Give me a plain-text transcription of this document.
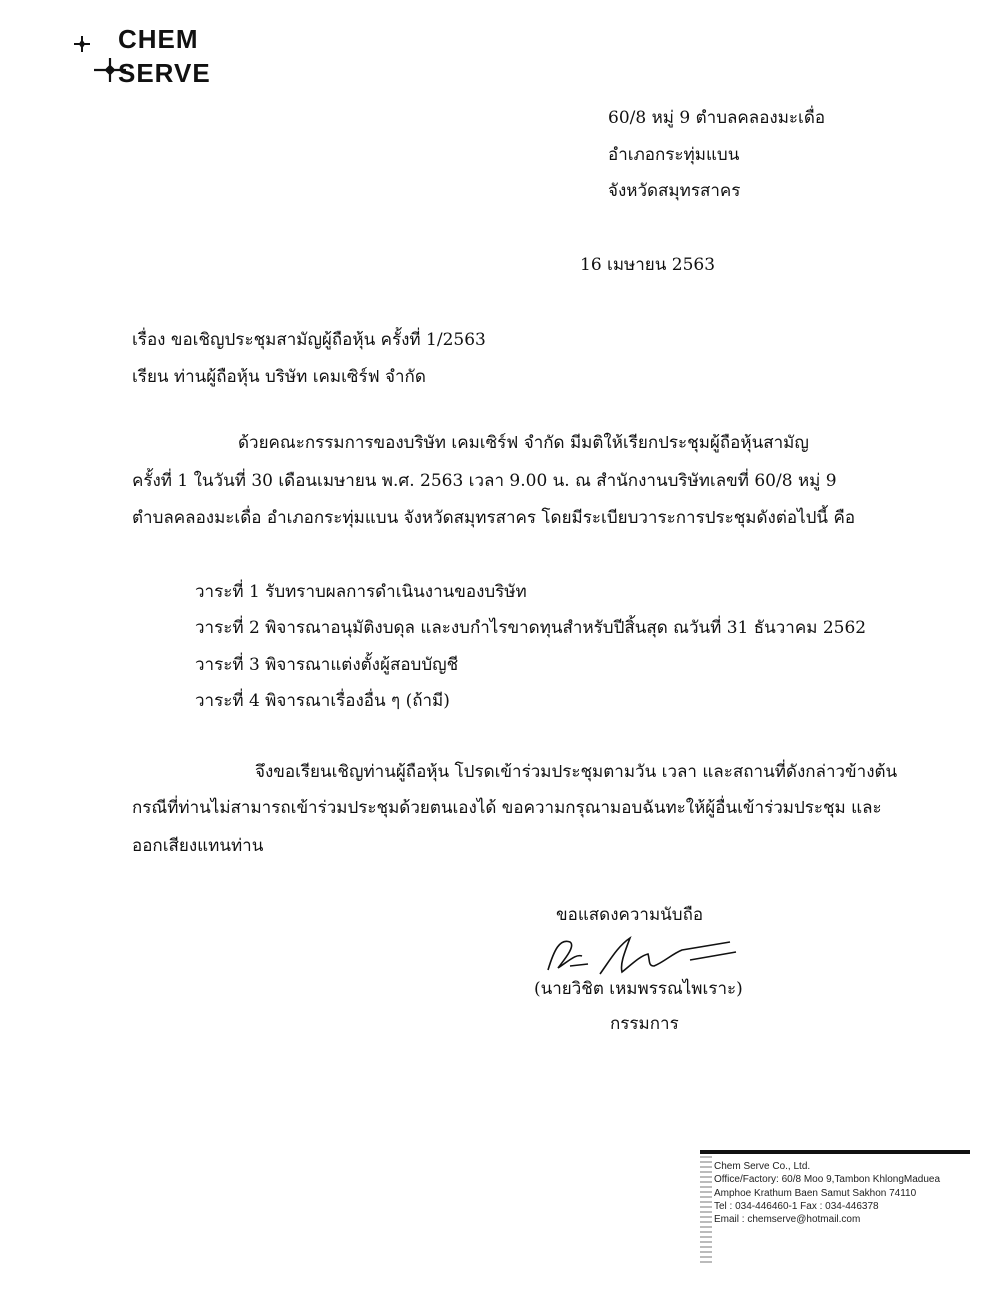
CHEM
SERVE
60/8 หมู่ 9 ตำบลคลองมะเดื่อ
อำเภอกระทุ่มแบน
จังหวัดสมุทรสาคร
16 เมษายน 2563
เรื่อง ขอเชิญประชุมสามัญผู้ถือหุ้น ครั้งที่ 1/2563
เรียน ท่านผู้ถือหุ้น บริษัท เคมเซิร์ฟ จำกัด
ด้วยคณะกรรมการของบริษัท เคมเซิร์ฟ จำกัด มีมติให้เรียกประชุมผู้ถือหุ้นสามัญ
ครั้งที่ 1 ในวันที่ 30 เดือนเมษายน พ.ศ. 2563 เวลา 9.00 น. ณ สำนักงานบริษัทเลขที่ 60/8 หมู่ 9
ตำบลคลองมะเดื่อ อำเภอกระทุ่มแบน จังหวัดสมุทรสาคร โดยมีระเบียบวาระการประชุมดังต่อไปนี้ คือ
วาระที่ 1 รับทราบผลการดำเนินงานของบริษัท
วาระที่ 2 พิจารณาอนุมัติงบดุล และงบกำไรขาดทุนสำหรับปีสิ้นสุด ณวันที่ 31 ธันวาคม 2562
วาระที่ 3 พิจารณาแต่งตั้งผู้สอบบัญชี
วาระที่ 4 พิจารณาเรื่องอื่น ๆ (ถ้ามี)
จึงขอเรียนเชิญท่านผู้ถือหุ้น โปรดเข้าร่วมประชุมตามวัน เวลา และสถานที่ดังกล่าวข้างต้น
กรณีที่ท่านไม่สามารถเข้าร่วมประชุมด้วยตนเองได้ ขอความกรุณามอบฉันทะให้ผู้อื่นเข้าร่วมประชุม และ
ออกเสียงแทนท่าน
ขอแสดงความนับถือ
(นายวิชิต เหมพรรณไพเราะ)
กรรมการ
Chem Serve Co., Ltd.
Office/Factory: 60/8 Moo 9,Tambon KhlongMaduea
Amphoe Krathum Baen Samut Sakhon 74110
Tel : 034-446460-1 Fax : 034-446378
Email : chemserve@hotmail.com
